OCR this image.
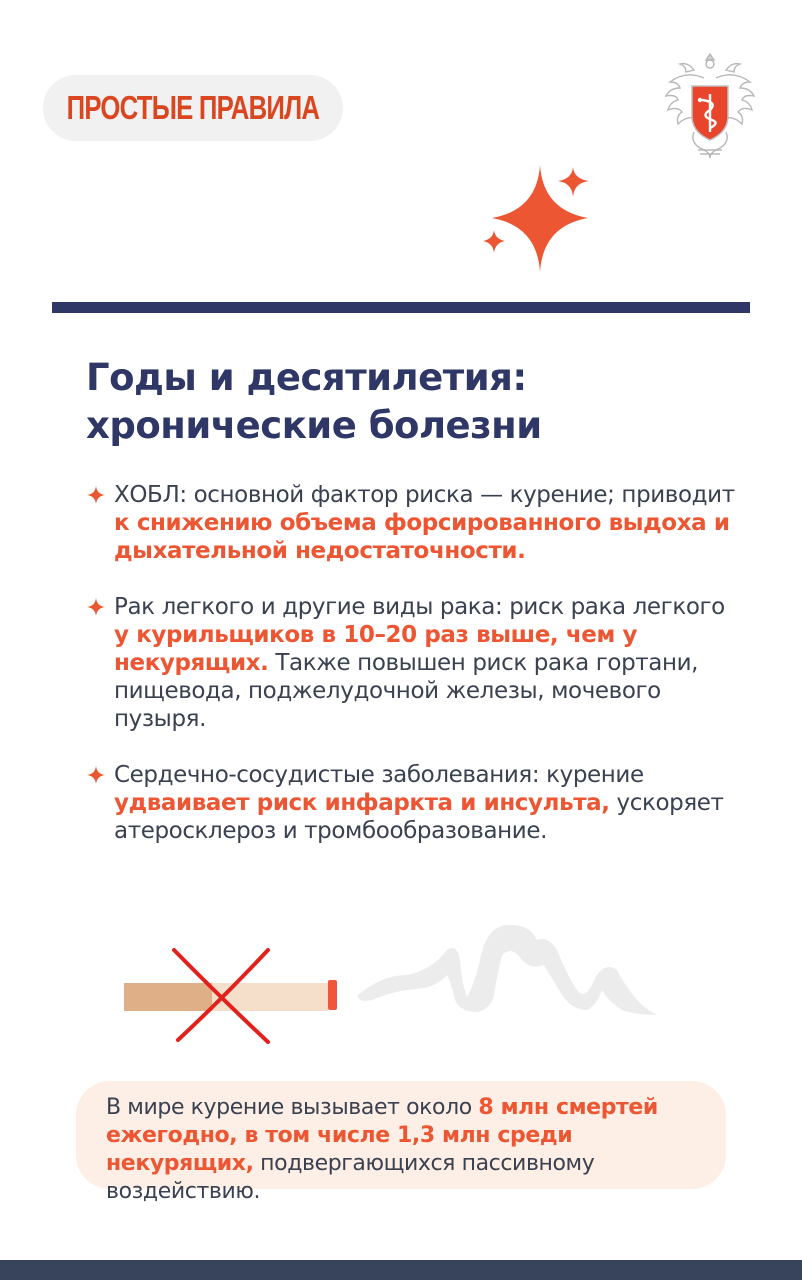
ПРОСТЫЕ ПРАВИЛА
Годы и десятилетия:
хронические болезни
ХОБЛ: основной фактор риска — курение; приводит к снижению объема форсированного выдоха и дыхательной недостаточности.
Рак легкого и другие виды рака: риск рака легкого у курильщиков в 10–20 раз выше, чем у некурящих. Также повышен риск рака гортани, пищевода, поджелудочной железы, мочевого пузыря.
Сердечно-сосудистые заболевания: курение удваивает риск инфаркта и инсульта, ускоряет атеросклероз и тромбообразование.
В мире курение вызывает около 8 млн смертей ежегодно, в том числе 1,3 млн среди некурящих, подвергающихся пассивному воздействию.
